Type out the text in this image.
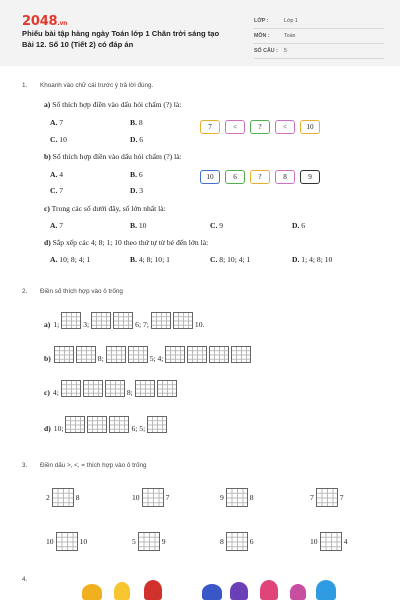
2048.vn
Phiếu bài tập hàng ngày Toán lớp 1 Chân trời sáng tạo Bài 12. Số 10 (Tiết 2) có đáp án
LỚP :	Lớp 1
MÔN :	Toán
SỐ CÂU :	5
1. Khoanh vào chữ cái trước ý trả lời đúng.
a) Số thích hợp điền vào dấu hỏi chấm (?) là:
A. 7	B. 8
C. 10	D. 6
7	<	?	<	10
b) Số thích hợp điền vào dấu hỏi chấm (?) là:
A. 4	B. 6
C. 7	D. 3
10	6	?	8	9
c) Trong các số dưới đây, số lớn nhất là:
A. 7	B. 10	C. 9	D. 6
d) Sắp xếp các 4; 8; 1; 10 theo thứ tự từ bé đến lớn là:
A. 10; 8; 4; 1	B. 4; 8; 10; 1	C. 8; 10; 4; 1	D. 1; 4; 8; 10
2. Điền số thích hợp vào ô trống
a) 1;	3;	6; 7;	10.
b)	8;	5; 4;
c) 4;	8;
d) 10;	6; 5;
3. Điền dấu >, <, = thích hợp vào ô trống
2	8	10	7	9	8	7	7
10	10	5	9	8	6	10	4
4.
